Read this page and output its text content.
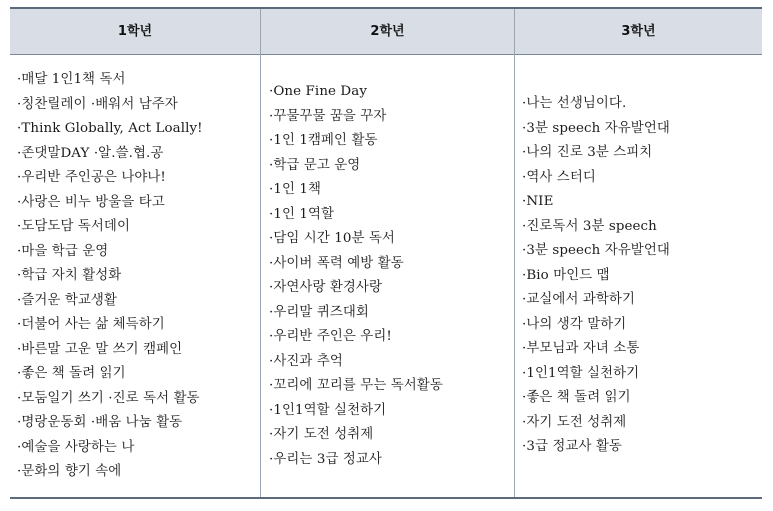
1학년	2학년	3학년
·매달 1인1책 독서
·칭찬릴레이 ·배워서 남주자
·Think Globally, Act Loally!
·존댓말DAY ·알.쓸.협.공
·우리반 주인공은 나야나!
·사랑은 비누 방울을 타고
·도담도담 독서데이
·마을 학급 운영
·학급 자치 활성화
·즐거운 학교생활
·더불어 사는 삶 체득하기
·바른말 고운 말 쓰기 캠페인
·좋은 책 돌려 읽기
·모둠일기 쓰기 ·진로 독서 활동
·명랑운동회 ·배움 나눔 활동
·예술을 사랑하는 나
·문화의 향기 속에
·One Fine Day
·꾸물꾸물 꿈을 꾸자
·1인 1캠페인 활동
·학급 문고 운영
·1인 1책
·1인 1역할
·담임 시간 10분 독서
·사이버 폭력 예방 활동
·자연사랑 환경사랑
·우리말 퀴즈대회
·우리반 주인은 우리!
·사진과 추억
·꼬리에 꼬리를 무는 독서활동
·1인1역할 실천하기
·자기 도전 성취제
·우리는 3급 정교사
·나는 선생님이다.
·3분 speech 자유발언대
·나의 진로 3분 스피치
·역사 스터디
·NIE
·진로독서 3분 speech
·3분 speech 자유발언대
·Bio 마인드 맵
·교실에서 과학하기
·나의 생각 말하기
·부모님과 자녀 소통
·1인1역할 실천하기
·좋은 책 돌려 읽기
·자기 도전 성취제
·3급 정교사 활동
